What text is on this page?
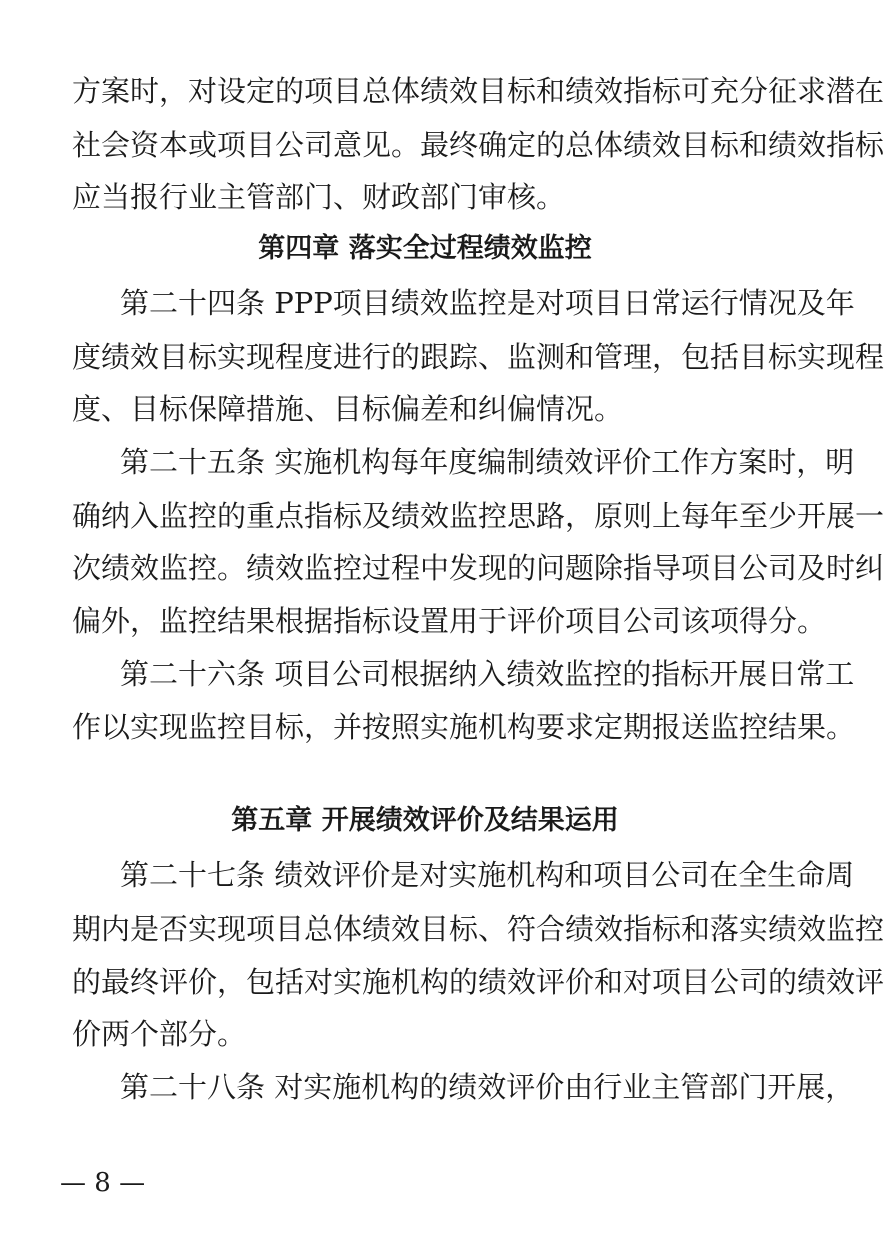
方案时，对设定的项目总体绩效目标和绩效指标可充分征求潜在
社会资本或项目公司意见。最终确定的总体绩效目标和绩效指标
应当报行业主管部门、财政部门审核。
第四章 落实全过程绩效监控
第二十四条 PPP项目绩效监控是对项目日常运行情况及年
度绩效目标实现程度进行的跟踪、监测和管理，包括目标实现程
度、目标保障措施、目标偏差和纠偏情况。
第二十五条 实施机构每年度编制绩效评价工作方案时，明
确纳入监控的重点指标及绩效监控思路，原则上每年至少开展一
次绩效监控。绩效监控过程中发现的问题除指导项目公司及时纠
偏外，监控结果根据指标设置用于评价项目公司该项得分。
第二十六条 项目公司根据纳入绩效监控的指标开展日常工
作以实现监控目标，并按照实施机构要求定期报送监控结果。
第五章 开展绩效评价及结果运用
第二十七条 绩效评价是对实施机构和项目公司在全生命周
期内是否实现项目总体绩效目标、符合绩效指标和落实绩效监控
的最终评价，包括对实施机构的绩效评价和对项目公司的绩效评
价两个部分。
第二十八条 对实施机构的绩效评价由行业主管部门开展，
— 8 —
